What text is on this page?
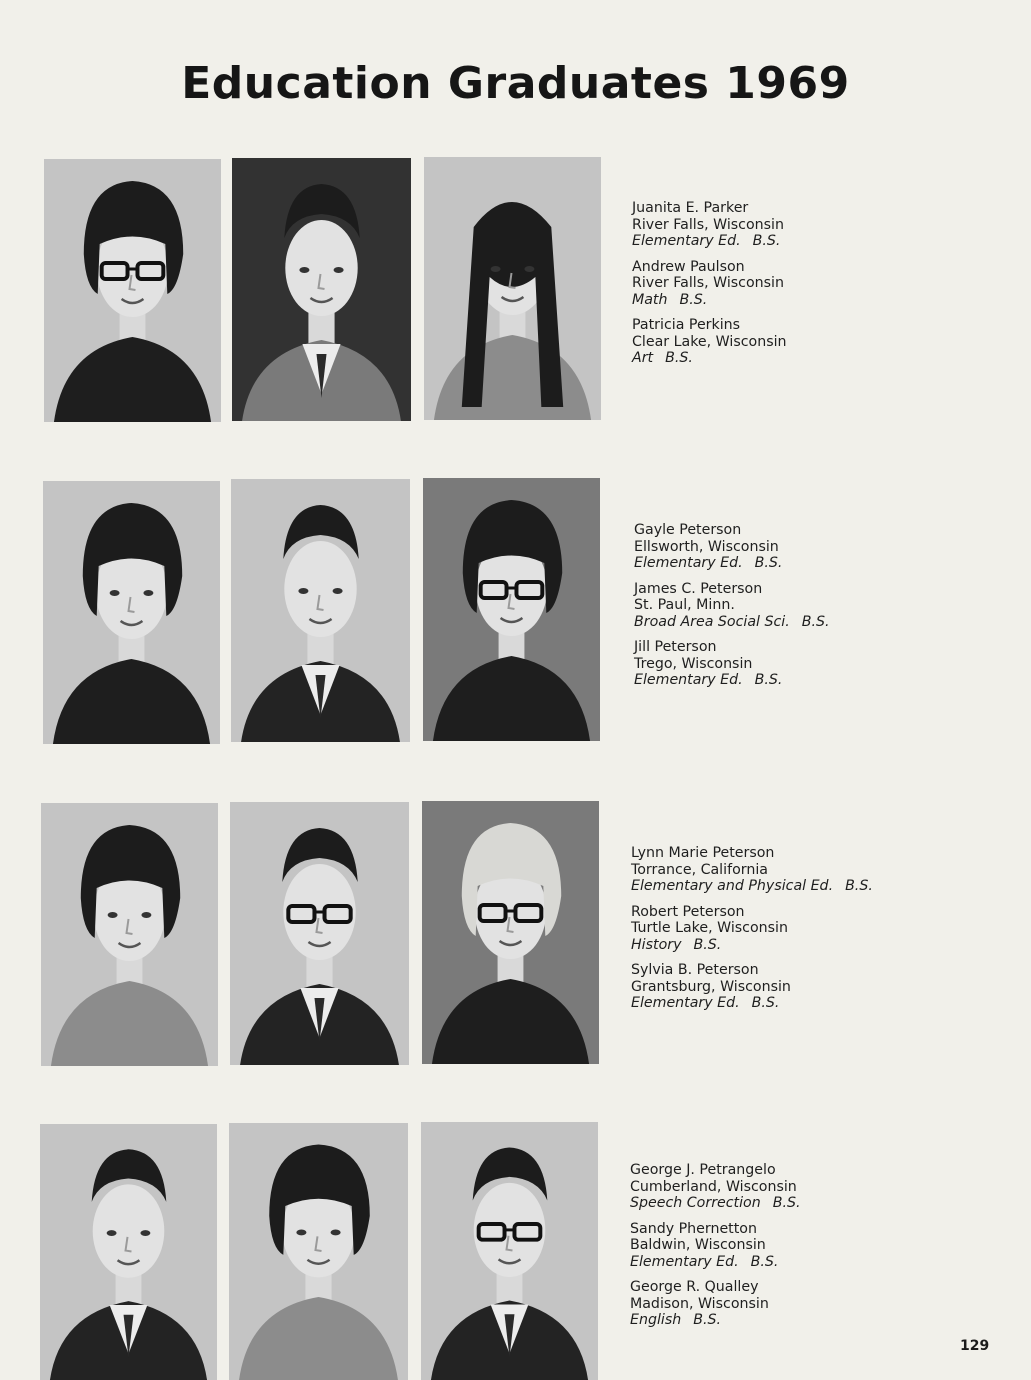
Education Graduates 1969
Juanita E. Parker
River Falls, Wisconsin
Elementary Ed. B.S.
Andrew Paulson
River Falls, Wisconsin
Math B.S.
Patricia Perkins
Clear Lake, Wisconsin
Art B.S.
Gayle Peterson
Ellsworth, Wisconsin
Elementary Ed. B.S.
James C. Peterson
St. Paul, Minn.
Broad Area Social Sci. B.S.
Jill Peterson
Trego, Wisconsin
Elementary Ed. B.S.
Lynn Marie Peterson
Torrance, California
Elementary and Physical Ed. B.S.
Robert Peterson
Turtle Lake, Wisconsin
History B.S.
Sylvia B. Peterson
Grantsburg, Wisconsin
Elementary Ed. B.S.
George J. Petrangelo
Cumberland, Wisconsin
Speech Correction B.S.
Sandy Phernetton
Baldwin, Wisconsin
Elementary Ed. B.S.
George R. Qualley
Madison, Wisconsin
English B.S.
129
